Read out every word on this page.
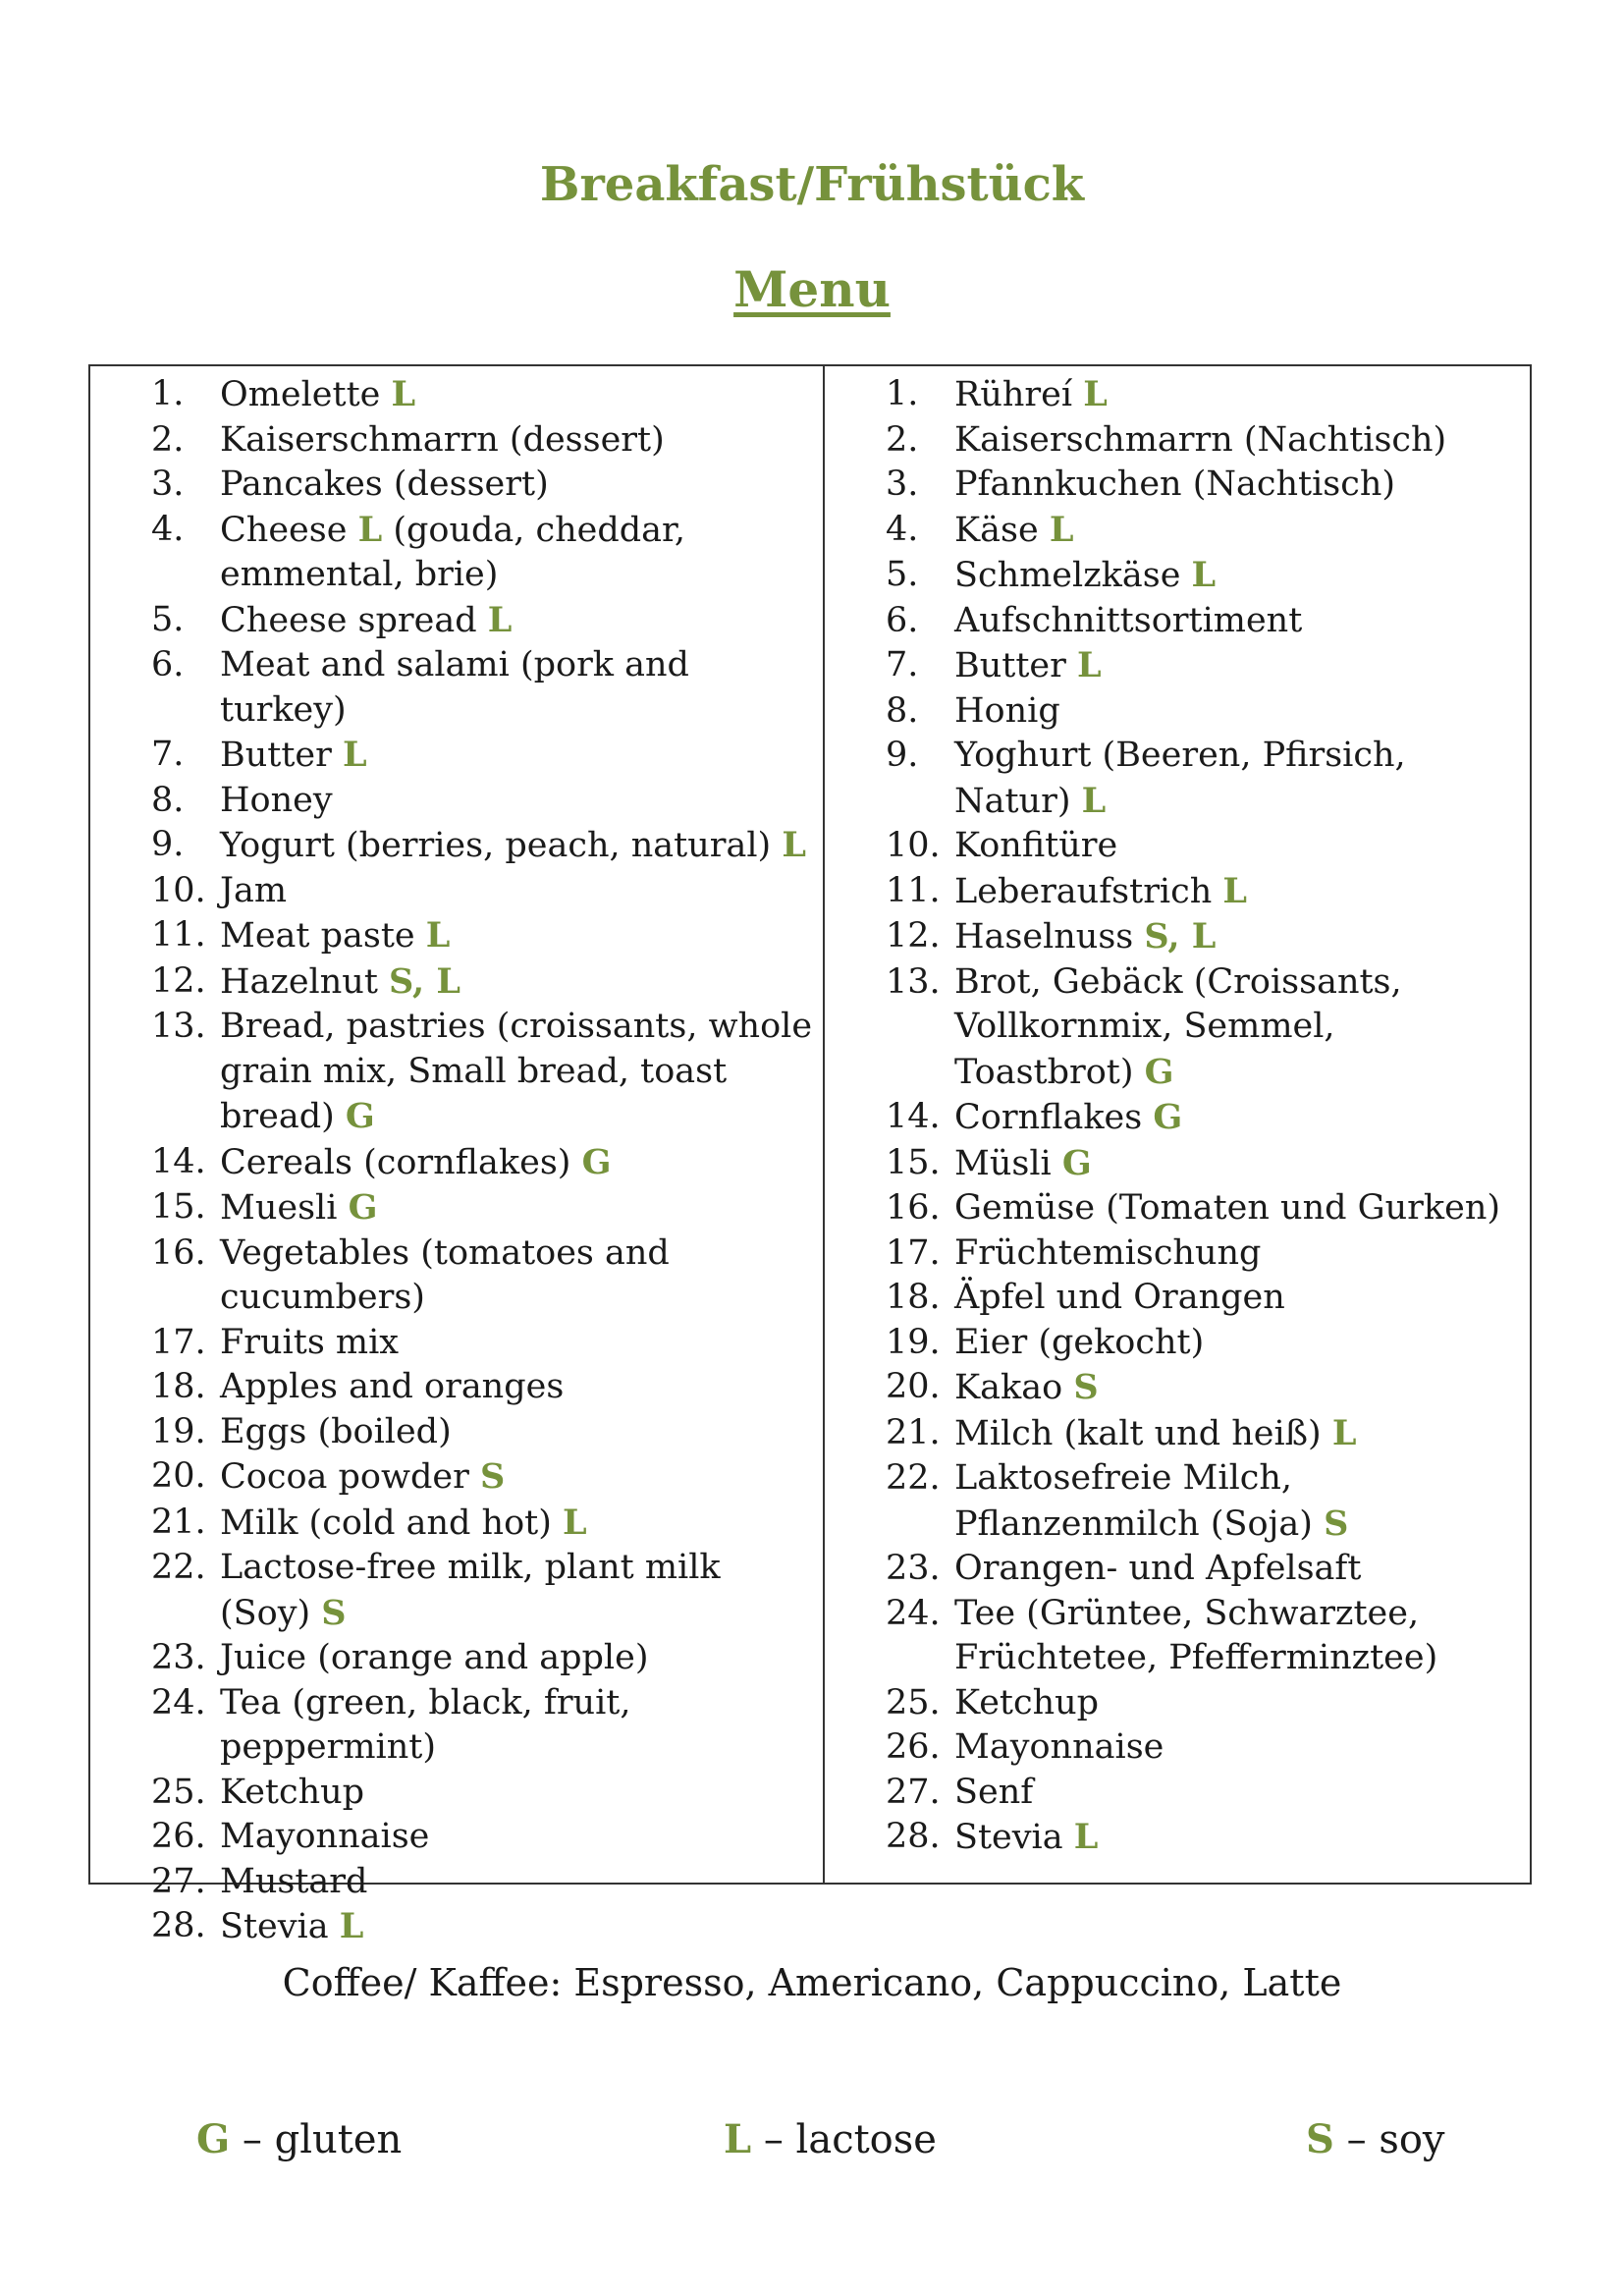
Breakfast/Frühstück
Menu
1.	Omelette L
2.	Kaiserschmarrn (dessert)
3.	Pancakes (dessert)
4.	Cheese L (gouda, cheddar, emmental, brie)
5.	Cheese spread L
6.	Meat and salami (pork and turkey)
7.	Butter L
8.	Honey
9.	Yogurt (berries, peach, natural) L
10. Jam
11. Meat paste L
12. Hazelnut S, L
13. Bread, pastries (croissants, whole grain mix, Small bread, toast bread) G
14. Cereals (cornflakes) G
15. Muesli G
16. Vegetables (tomatoes and cucumbers)
17. Fruits mix
18. Apples and oranges
19. Eggs (boiled)
20. Cocoa powder S
21. Milk (cold and hot) L
22. Lactose-free milk, plant milk (Soy) S
23. Juice (orange and apple)
24. Tea (green, black, fruit, peppermint)
25. Ketchup
26. Mayonnaise
27. Mustard
28. Stevia L
1.	Rühreí L
2.	Kaiserschmarrn (Nachtisch)
3.	Pfannkuchen (Nachtisch)
4.	Käse L
5.	Schmelzkäse L
6.	Aufschnittsortiment
7.	Butter L
8.	Honig
9.	Yoghurt (Beeren, Pfirsich, Natur) L
10. Konfitüre
11. Leberaufstrich L
12. Haselnuss S, L
13. Brot, Gebäck (Croissants, Vollkornmix, Semmel, Toastbrot) G
14. Cornflakes G
15. Müsli G
16. Gemüse (Tomaten und Gurken)
17. Früchtemischung
18. Äpfel und Orangen
19. Eier (gekocht)
20. Kakao S
21. Milch (kalt und heiß) L
22. Laktosefreie Milch, Pflanzenmilch (Soja) S
23. Orangen- und Apfelsaft
24. Tee (Grüntee, Schwarztee, Früchtetee, Pfefferminztee)
25. Ketchup
26. Mayonnaise
27. Senf
28. Stevia L

Coffee/ Kaffee: Espresso, Americano, Cappuccino, Latte

G – gluten	L – lactose	S – soy
